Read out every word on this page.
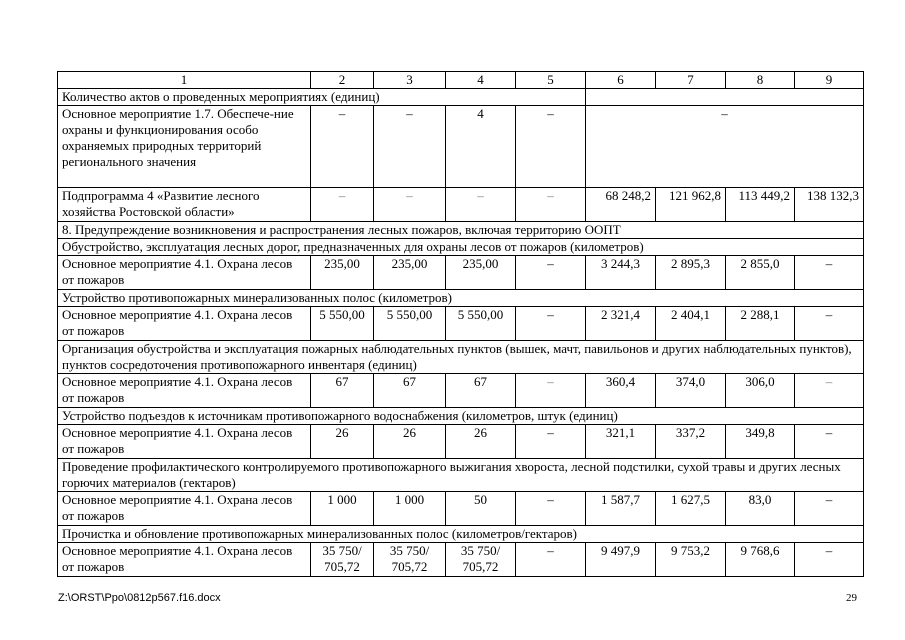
1	2	3	4	5	6	7	8	9
Количество актов о проведенных мероприятиях (единиц)								
Основное мероприятие 1.7. Обеспече-ние охраны и функционирования особо охраняемых природных территорий регионального значения	–	–	4	–	–			
Подпрограмма 4 «Развитие лесного хозяйства Ростовской области»	–	–	–	–	68 248,2	121 962,8	113 449,2	138 132,3
8. Предупреждение возникновения и распространения лесных пожаров, включая территорию ООПТ								
Обустройство, эксплуатация лесных дорог, предназначенных для охраны лесов от пожаров (километров)								
Основное мероприятие 4.1. Охрана лесов от пожаров	235,00	235,00	235,00	–	3 244,3	2 895,3	2 855,0	–
Устройство противопожарных минерализованных полос (километров)								
Основное мероприятие 4.1. Охрана лесов от пожаров	5 550,00	5 550,00	5 550,00	–	2 321,4	2 404,1	2 288,1	–
Организация обустройства и эксплуатация пожарных наблюдательных пунктов (вышек, мачт, павильонов и других наблюдательных пунктов), пунктов сосредоточения противопожарного инвентаря (единиц)								
Основное мероприятие 4.1. Охрана лесов от пожаров	67	67	67	–	360,4	374,0	306,0	–
Устройство подъездов к источникам противопожарного водоснабжения (километров, штук (единиц)								
Основное мероприятие 4.1. Охрана лесов от пожаров	26	26	26	–	321,1	337,2	349,8	–
Проведение профилактического контролируемого противопожарного выжигания хвороста, лесной подстилки, сухой травы и других лесных горючих материалов (гектаров)								
Основное мероприятие 4.1. Охрана лесов от пожаров	1 000	1 000	50	–	1 587,7	1 627,5	83,0	–
Прочистка и обновление противопожарных минерализованных полос (километров/гектаров)								
Основное мероприятие 4.1. Охрана лесов от пожаров	35 750/ 705,72	35 750/ 705,72	35 750/ 705,72	–	9 497,9	9 753,2	9 768,6	–
Z:\ORST\Ppo\0812p567.f16.docx	29
